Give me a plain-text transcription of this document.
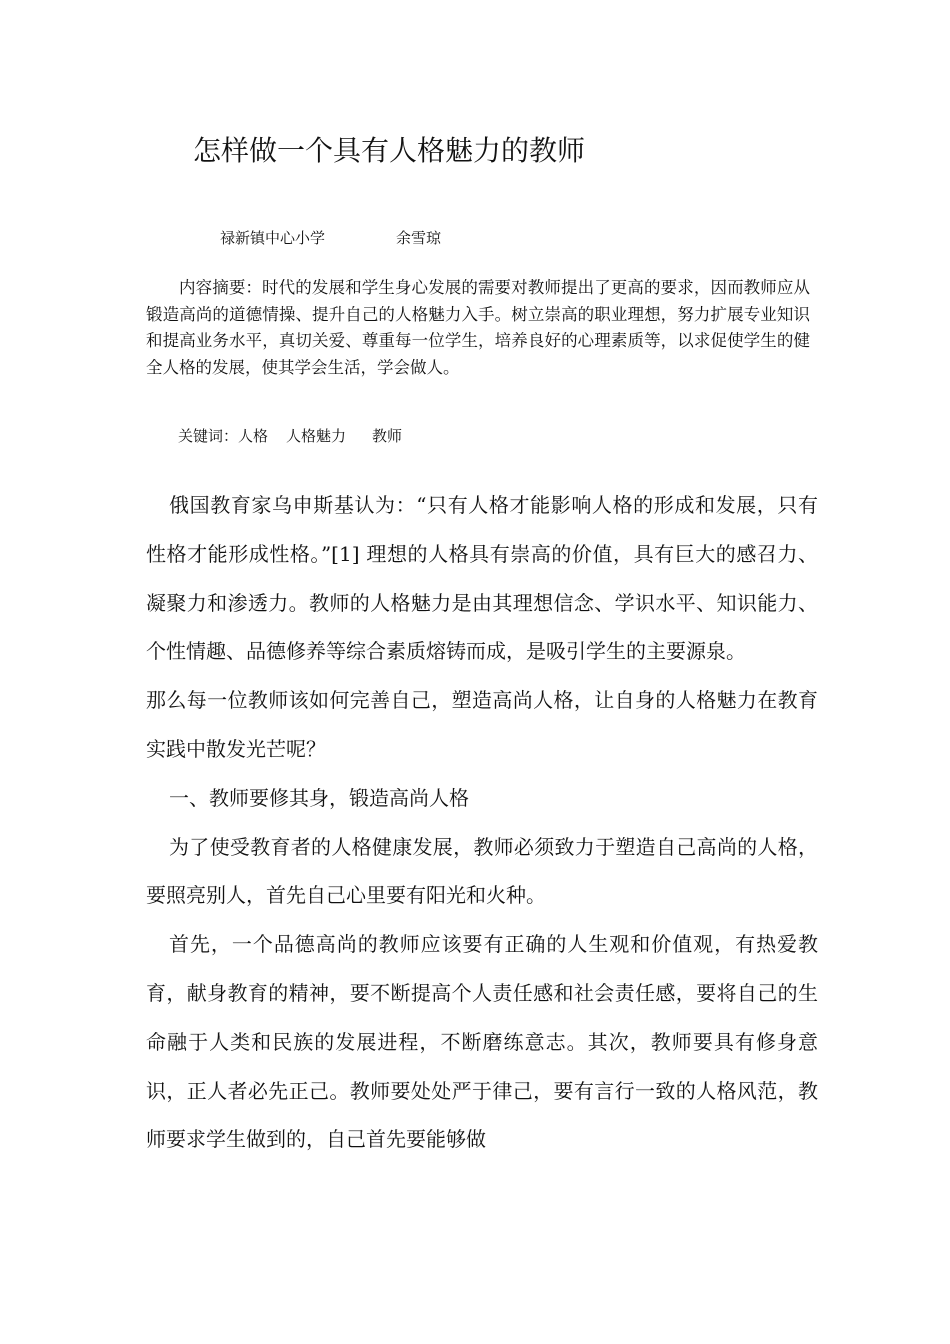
怎样做一个具有人格魅力的教师
禄新镇中心小学	余雪琼
内容摘要：时代的发展和学生身心发展的需要对教师提出了更高的要求，因而教师应从锻造高尚的道德情操、提升自己的人格魅力入手。树立崇高的职业理想，努力扩展专业知识和提高业务水平，真切关爱、尊重每一位学生，培养良好的心理素质等，以求促使学生的健全人格的发展，使其学会生活，学会做人。
关键词：人格 人格魅力 教师

俄国教育家乌申斯基认为：“只有人格才能影响人格的形成和发展，只有性格才能形成性格。”[1] 理想的人格具有崇高的价值，具有巨大的感召力、凝聚力和渗透力。教师的人格魅力是由其理想信念、学识水平、知识能力、个性情趣、品德修养等综合素质熔铸而成，是吸引学生的主要源泉。

那么每一位教师该如何完善自己，塑造高尚人格，让自身的人格魅力在教育实践中散发光芒呢？

一、教师要修其身，锻造高尚人格

为了使受教育者的人格健康发展，教师必须致力于塑造自己高尚的人格，要照亮别人，首先自己心里要有阳光和火种。

首先，一个品德高尚的教师应该要有正确的人生观和价值观，有热爱教育，献身教育的精神，要不断提高个人责任感和社会责任感，要将自己的生命融于人类和民族的发展进程，不断磨练意志。其次，教师要具有修身意识，正人者必先正己。教师要处处严于律己，要有言行一致的人格风范，教师要求学生做到的，自己首先要能够做
